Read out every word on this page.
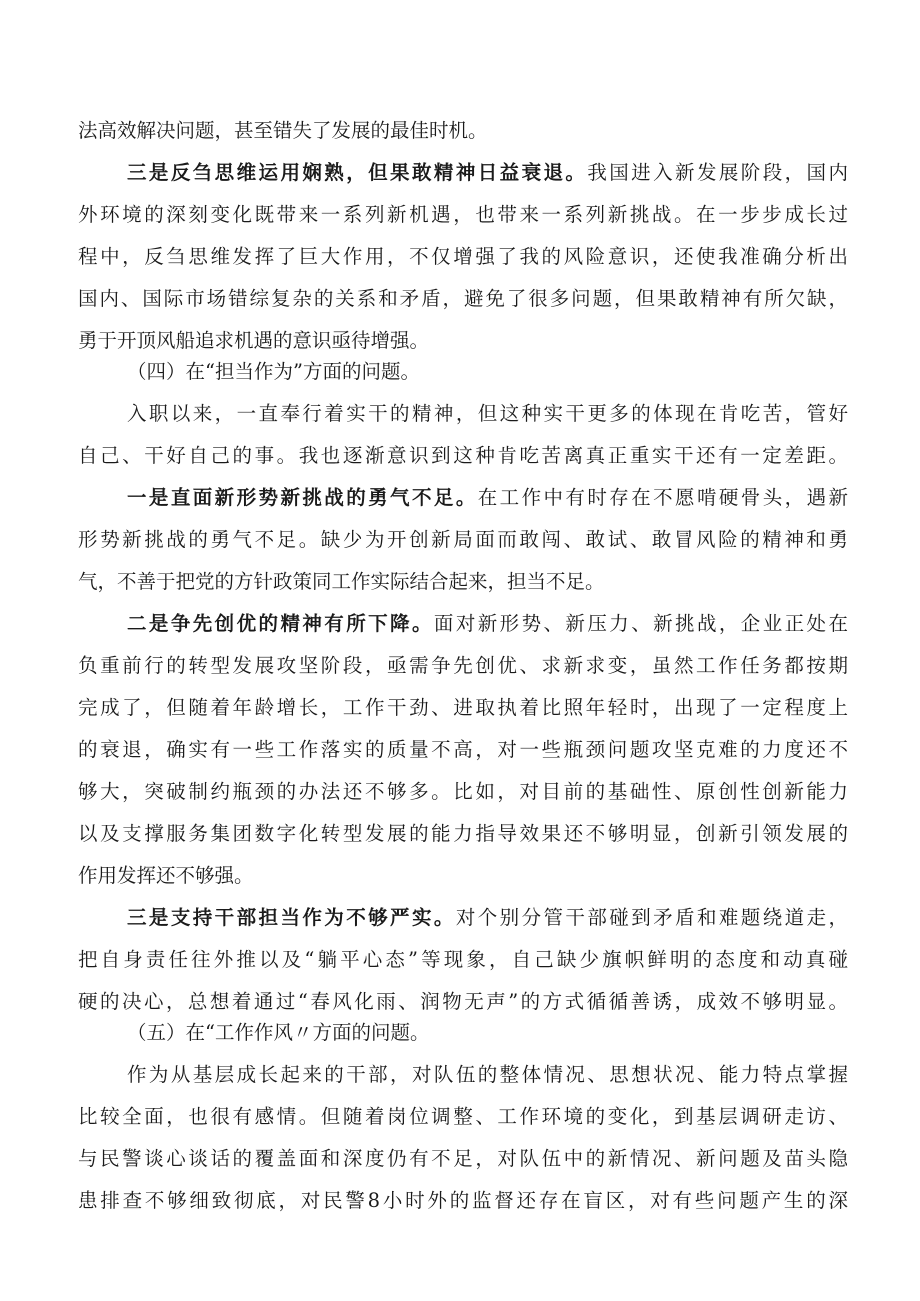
法高效解决问题，甚至错失了发展的最佳时机。
三是反刍思维运用娴熟，但果敢精神日益衰退。我国进入新发展阶段，国内
外环境的深刻变化既带来一系列新机遇，也带来一系列新挑战。在一步步成长过
程中，反刍思维发挥了巨大作用，不仅增强了我的风险意识，还使我准确分析出
国内、国际市场错综复杂的关系和矛盾，避免了很多问题，但果敢精神有所欠缺，
勇于开顶风船追求机遇的意识亟待增强。
（四）在“担当作为”方面的问题。
入职以来，一直奉行着实干的精神，但这种实干更多的体现在肯吃苦，管好
自己、干好自己的事。我也逐渐意识到这种肯吃苦离真正重实干还有一定差距。
一是直面新形势新挑战的勇气不足。在工作中有时存在不愿啃硬骨头，遇新
形势新挑战的勇气不足。缺少为开创新局面而敢闯、敢试、敢冒风险的精神和勇
气，不善于把党的方针政策同工作实际结合起来，担当不足。
二是争先创优的精神有所下降。面对新形势、新压力、新挑战，企业正处在
负重前行的转型发展攻坚阶段，亟需争先创优、求新求变，虽然工作任务都按期
完成了，但随着年龄增长，工作干劲、进取执着比照年轻时，出现了一定程度上
的衰退，确实有一些工作落实的质量不高，对一些瓶颈问题攻坚克难的力度还不
够大，突破制约瓶颈的办法还不够多。比如，对目前的基础性、原创性创新能力
以及支撑服务集团数字化转型发展的能力指导效果还不够明显，创新引领发展的
作用发挥还不够强。
三是支持干部担当作为不够严实。对个别分管干部碰到矛盾和难题绕道走，
把自身责任往外推以及“躺平心态”等现象，自己缺少旗帜鲜明的态度和动真碰
硬的决心，总想着通过“春风化雨、润物无声”的方式循循善诱，成效不够明显。
（五）在“工作作风〃方面的问题。
作为从基层成长起来的干部，对队伍的整体情况、思想状况、能力特点掌握
比较全面，也很有感情。但随着岗位调整、工作环境的变化，到基层调研走访、
与民警谈心谈话的覆盖面和深度仍有不足，对队伍中的新情况、新问题及苗头隐
患排查不够细致彻底，对民警8小时外的监督还存在盲区，对有些问题产生的深
